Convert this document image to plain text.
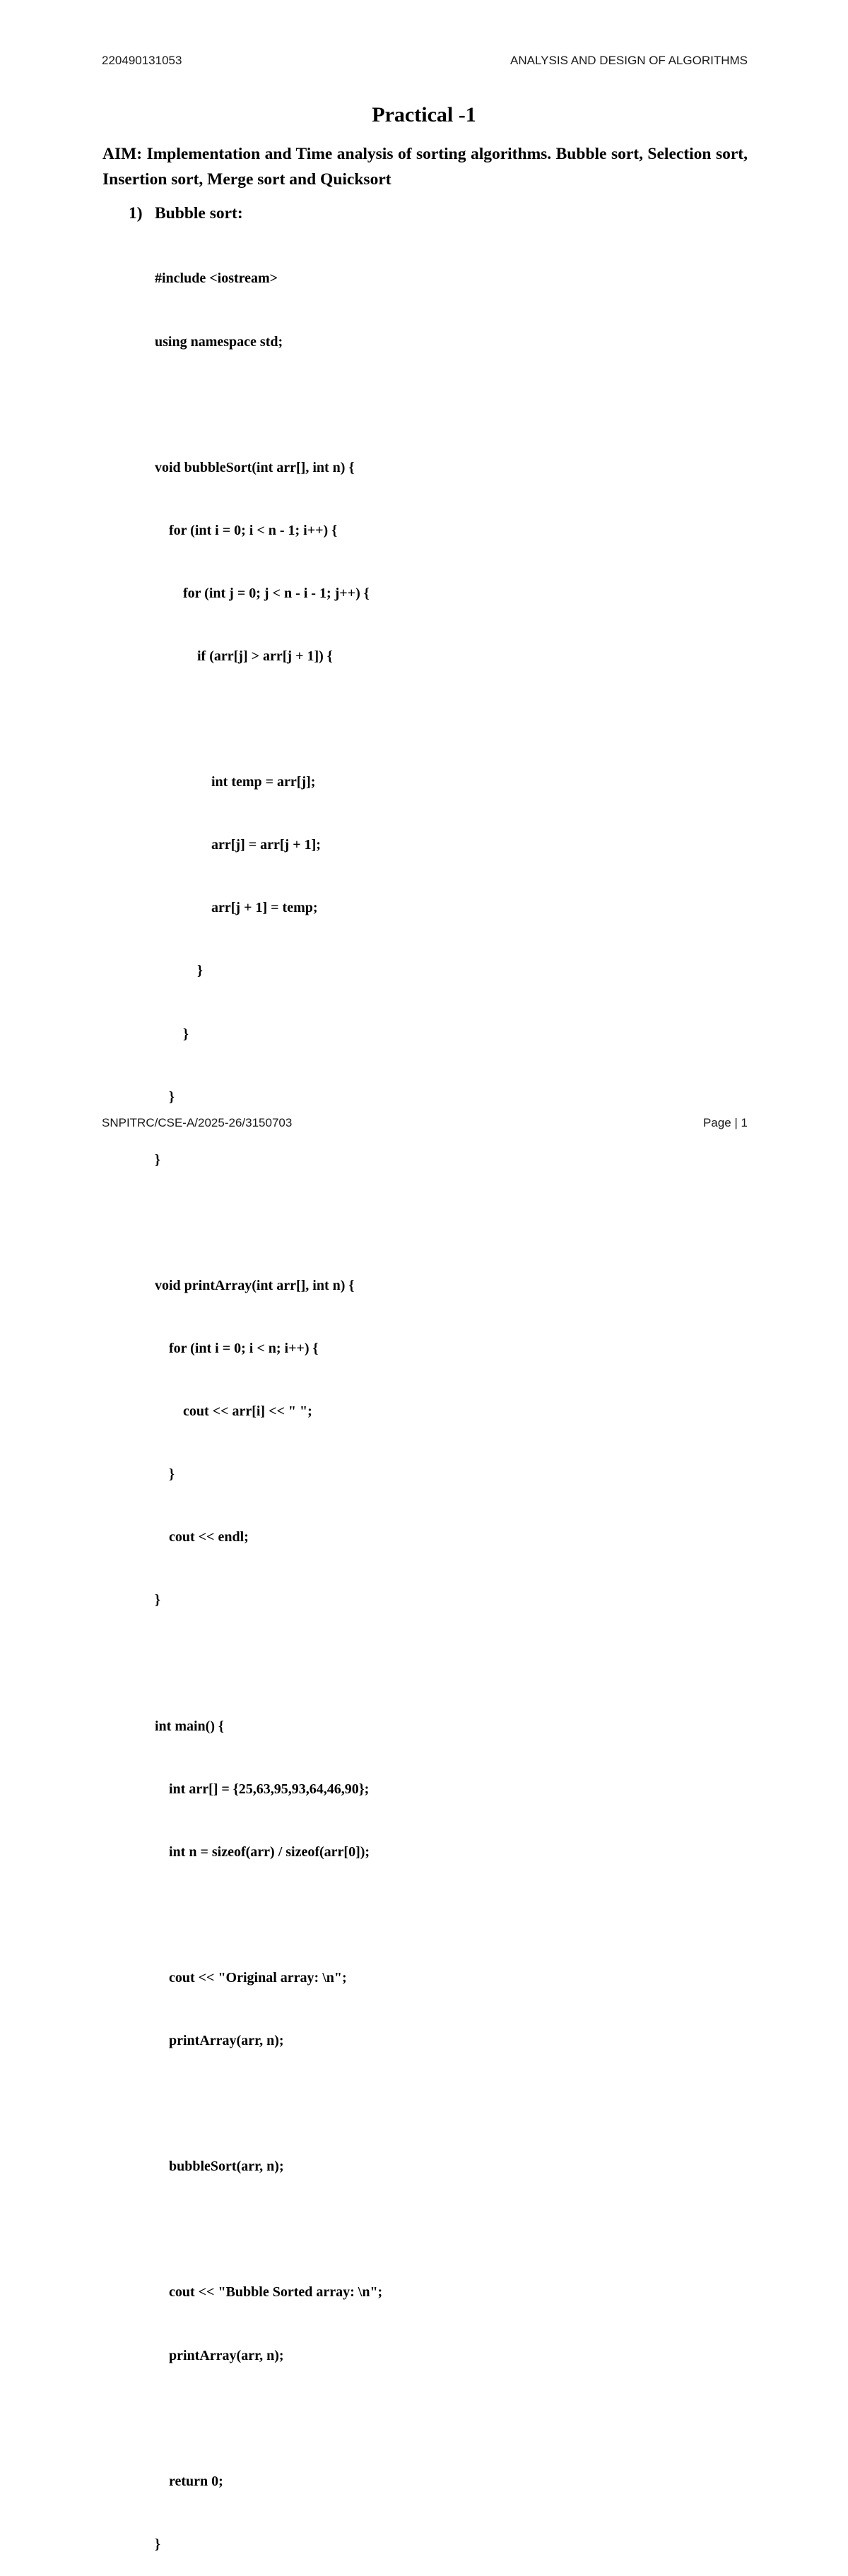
220490131053	ANALYSIS AND DESIGN OF ALGORITHMS
Practical -1
AIM: Implementation and Time analysis of sorting algorithms. Bubble sort, Selection sort, Insertion sort, Merge sort and Quicksort
1) Bubble sort:

#include <iostream>

using namespace std;

void bubbleSort(int arr[], int n) {

for (int i = 0; i < n - 1; i++) {

for (int j = 0; j < n - i - 1; j++) {

if (arr[j] > arr[j + 1]) {

int temp = arr[j];

arr[j] = arr[j + 1];

arr[j + 1] = temp;

}

}

}

}

void printArray(int arr[], int n) {

for (int i = 0; i < n; i++) {

cout << arr[i] << " ";

}

cout << endl;

}

int main() {

int arr[] = {25,63,95,93,64,46,90};

int n = sizeof(arr) / sizeof(arr[0]);

cout << "Original array: \n";

printArray(arr, n);

bubbleSort(arr, n);

cout << "Bubble Sorted array: \n";

printArray(arr, n);

return 0;

}

SNPITRC/CSE-A/2025-26/3150703	Page | 1
